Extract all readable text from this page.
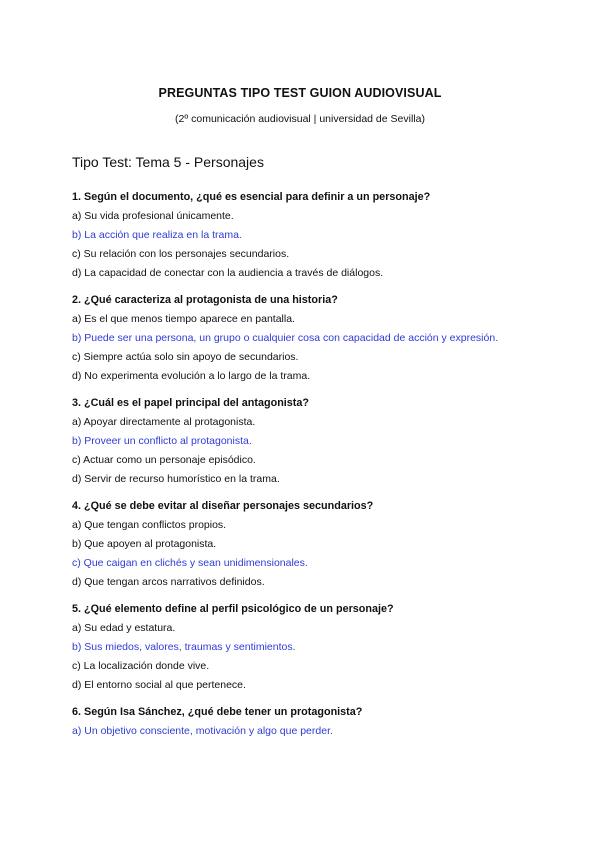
PREGUNTAS TIPO TEST GUION AUDIOVISUAL
(2º comunicación audiovisual | universidad de Sevilla)
Tipo Test: Tema 5 - Personajes
1. Según el documento, ¿qué es esencial para definir a un personaje?
a) Su vida profesional únicamente.
b) La acción que realiza en la trama.
c) Su relación con los personajes secundarios.
d) La capacidad de conectar con la audiencia a través de diálogos.
2. ¿Qué caracteriza al protagonista de una historia?
a) Es el que menos tiempo aparece en pantalla.
b) Puede ser una persona, un grupo o cualquier cosa con capacidad de acción y expresión.
c) Siempre actúa solo sin apoyo de secundarios.
d) No experimenta evolución a lo largo de la trama.
3. ¿Cuál es el papel principal del antagonista?
a) Apoyar directamente al protagonista.
b) Proveer un conflicto al protagonista.
c) Actuar como un personaje episódico.
d) Servir de recurso humorístico en la trama.
4. ¿Qué se debe evitar al diseñar personajes secundarios?
a) Que tengan conflictos propios.
b) Que apoyen al protagonista.
c) Que caigan en clichés y sean unidimensionales.
d) Que tengan arcos narrativos definidos.
5. ¿Qué elemento define al perfil psicológico de un personaje?
a) Su edad y estatura.
b) Sus miedos, valores, traumas y sentimientos.
c) La localización donde vive.
d) El entorno social al que pertenece.
6. Según Isa Sánchez, ¿qué debe tener un protagonista?
a) Un objetivo consciente, motivación y algo que perder.
